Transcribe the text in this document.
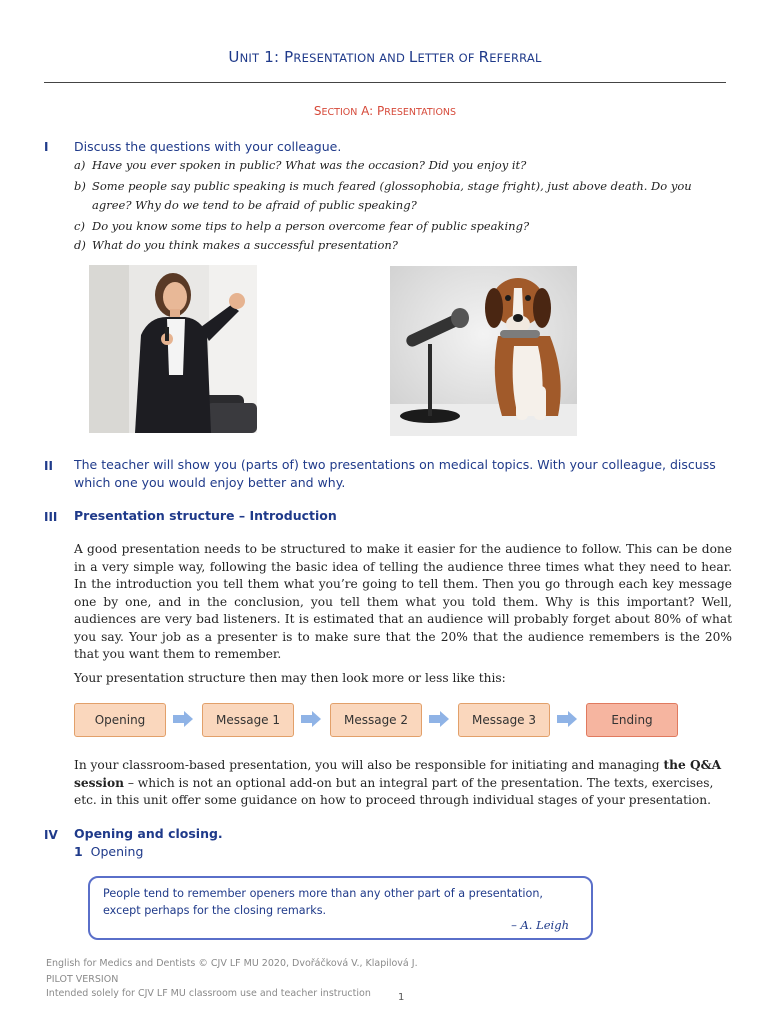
UNIT 1: PRESENTATION AND LETTER OF REFERRAL
SECTION A: PRESENTATIONS
I Discuss the questions with your colleague.
a) Have you ever spoken in public? What was the occasion? Did you enjoy it?
b) Some people say public speaking is much feared (glossophobia, stage fright), just above death. Do you agree? Why do we tend to be afraid of public speaking?
c) Do you know some tips to help a person overcome fear of public speaking?
d) What do you think makes a successful presentation?
II The teacher will show you (parts of) two presentations on medical topics. With your colleague, discuss which one you would enjoy better and why.
III Presentation structure – Introduction
A good presentation needs to be structured to make it easier for the audience to follow. This can be done in a very simple way, following the basic idea of telling the audience three times what they need to hear. In the introduction you tell them what you’re going to tell them. Then you go through each key message one by one, and in the conclusion, you tell them what you told them. Why is this important? Well, audiences are very bad listeners. It is estimated that an audience will probably forget about 80% of what you say. Your job as a presenter is to make sure that the 20% that the audience remembers is the 20% that you want them to remember.
Your presentation structure then may then look more or less like this:
Opening	Message 1	Message 2	Message 3	Ending
In your classroom-based presentation, you will also be responsible for initiating and managing the Q&A session – which is not an optional add-on but an integral part of the presentation. The texts, exercises, etc. in this unit offer some guidance on how to proceed through individual stages of your presentation.
IV Opening and closing.
1 Opening
People tend to remember openers more than any other part of a presentation, except perhaps for the closing remarks.
– A. Leigh
English for Medics and Dentists © CJV LF MU 2020, Dvořáčková V., Klapilová J.
PILOT VERSION
Intended solely for CJV LF MU classroom use and teacher instruction	1
